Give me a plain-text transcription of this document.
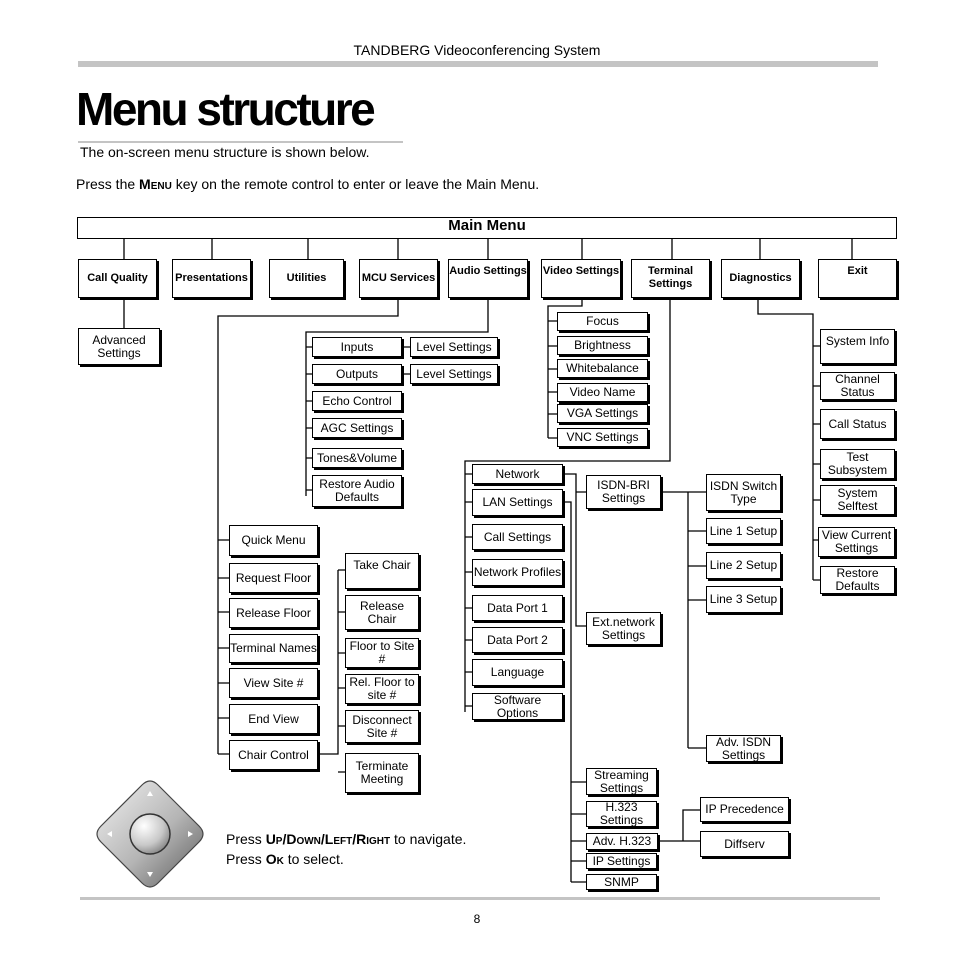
TANDBERG Videoconferencing System
Menu structure
The on-screen menu structure is shown below.
Press the Menu key on the remote control to enter or leave the Main Menu.
Main Menu
Call Quality	Presentations	Utilities	MCU Services
Audio Settings Video Settings	Terminal Settings	Diagnostics
Exit
Advanced Settings	Inputs	Level Settings
Outputs	Level Settings
Echo Control
AGC Settings
Tones&Volume
Restore Audio Defaults
Focus
Brightness
Whitebalance
Video Name
VGA Settings
VNC Settings
System Info
Channel Status
Call Status
Test Subsystem
System Selftest
View Current Settings
Restore Defaults
Quick Menu
Request Floor
Release Floor
Terminal Names
View Site #
End View
Chair Control
Take Chair
Release Chair
Floor to Site #
Rel. Floor to site #
Disconnect Site #
Terminate Meeting
Network
LAN Settings
Call Settings
Network Profiles
Data Port 1
Data Port 2
Language
Software Options
ISDN-BRI Settings
Ext.network Settings
ISDN Switch Type
Line 1 Setup
Line 2 Setup
Line 3 Setup
Adv. ISDN Settings
Streaming Settings
H.323 Settings
Adv. H.323
IP Settings
SNMP
IP Precedence
Diffserv
Press Up/Down/Left/Right to navigate.
Press Ok to select.
8
